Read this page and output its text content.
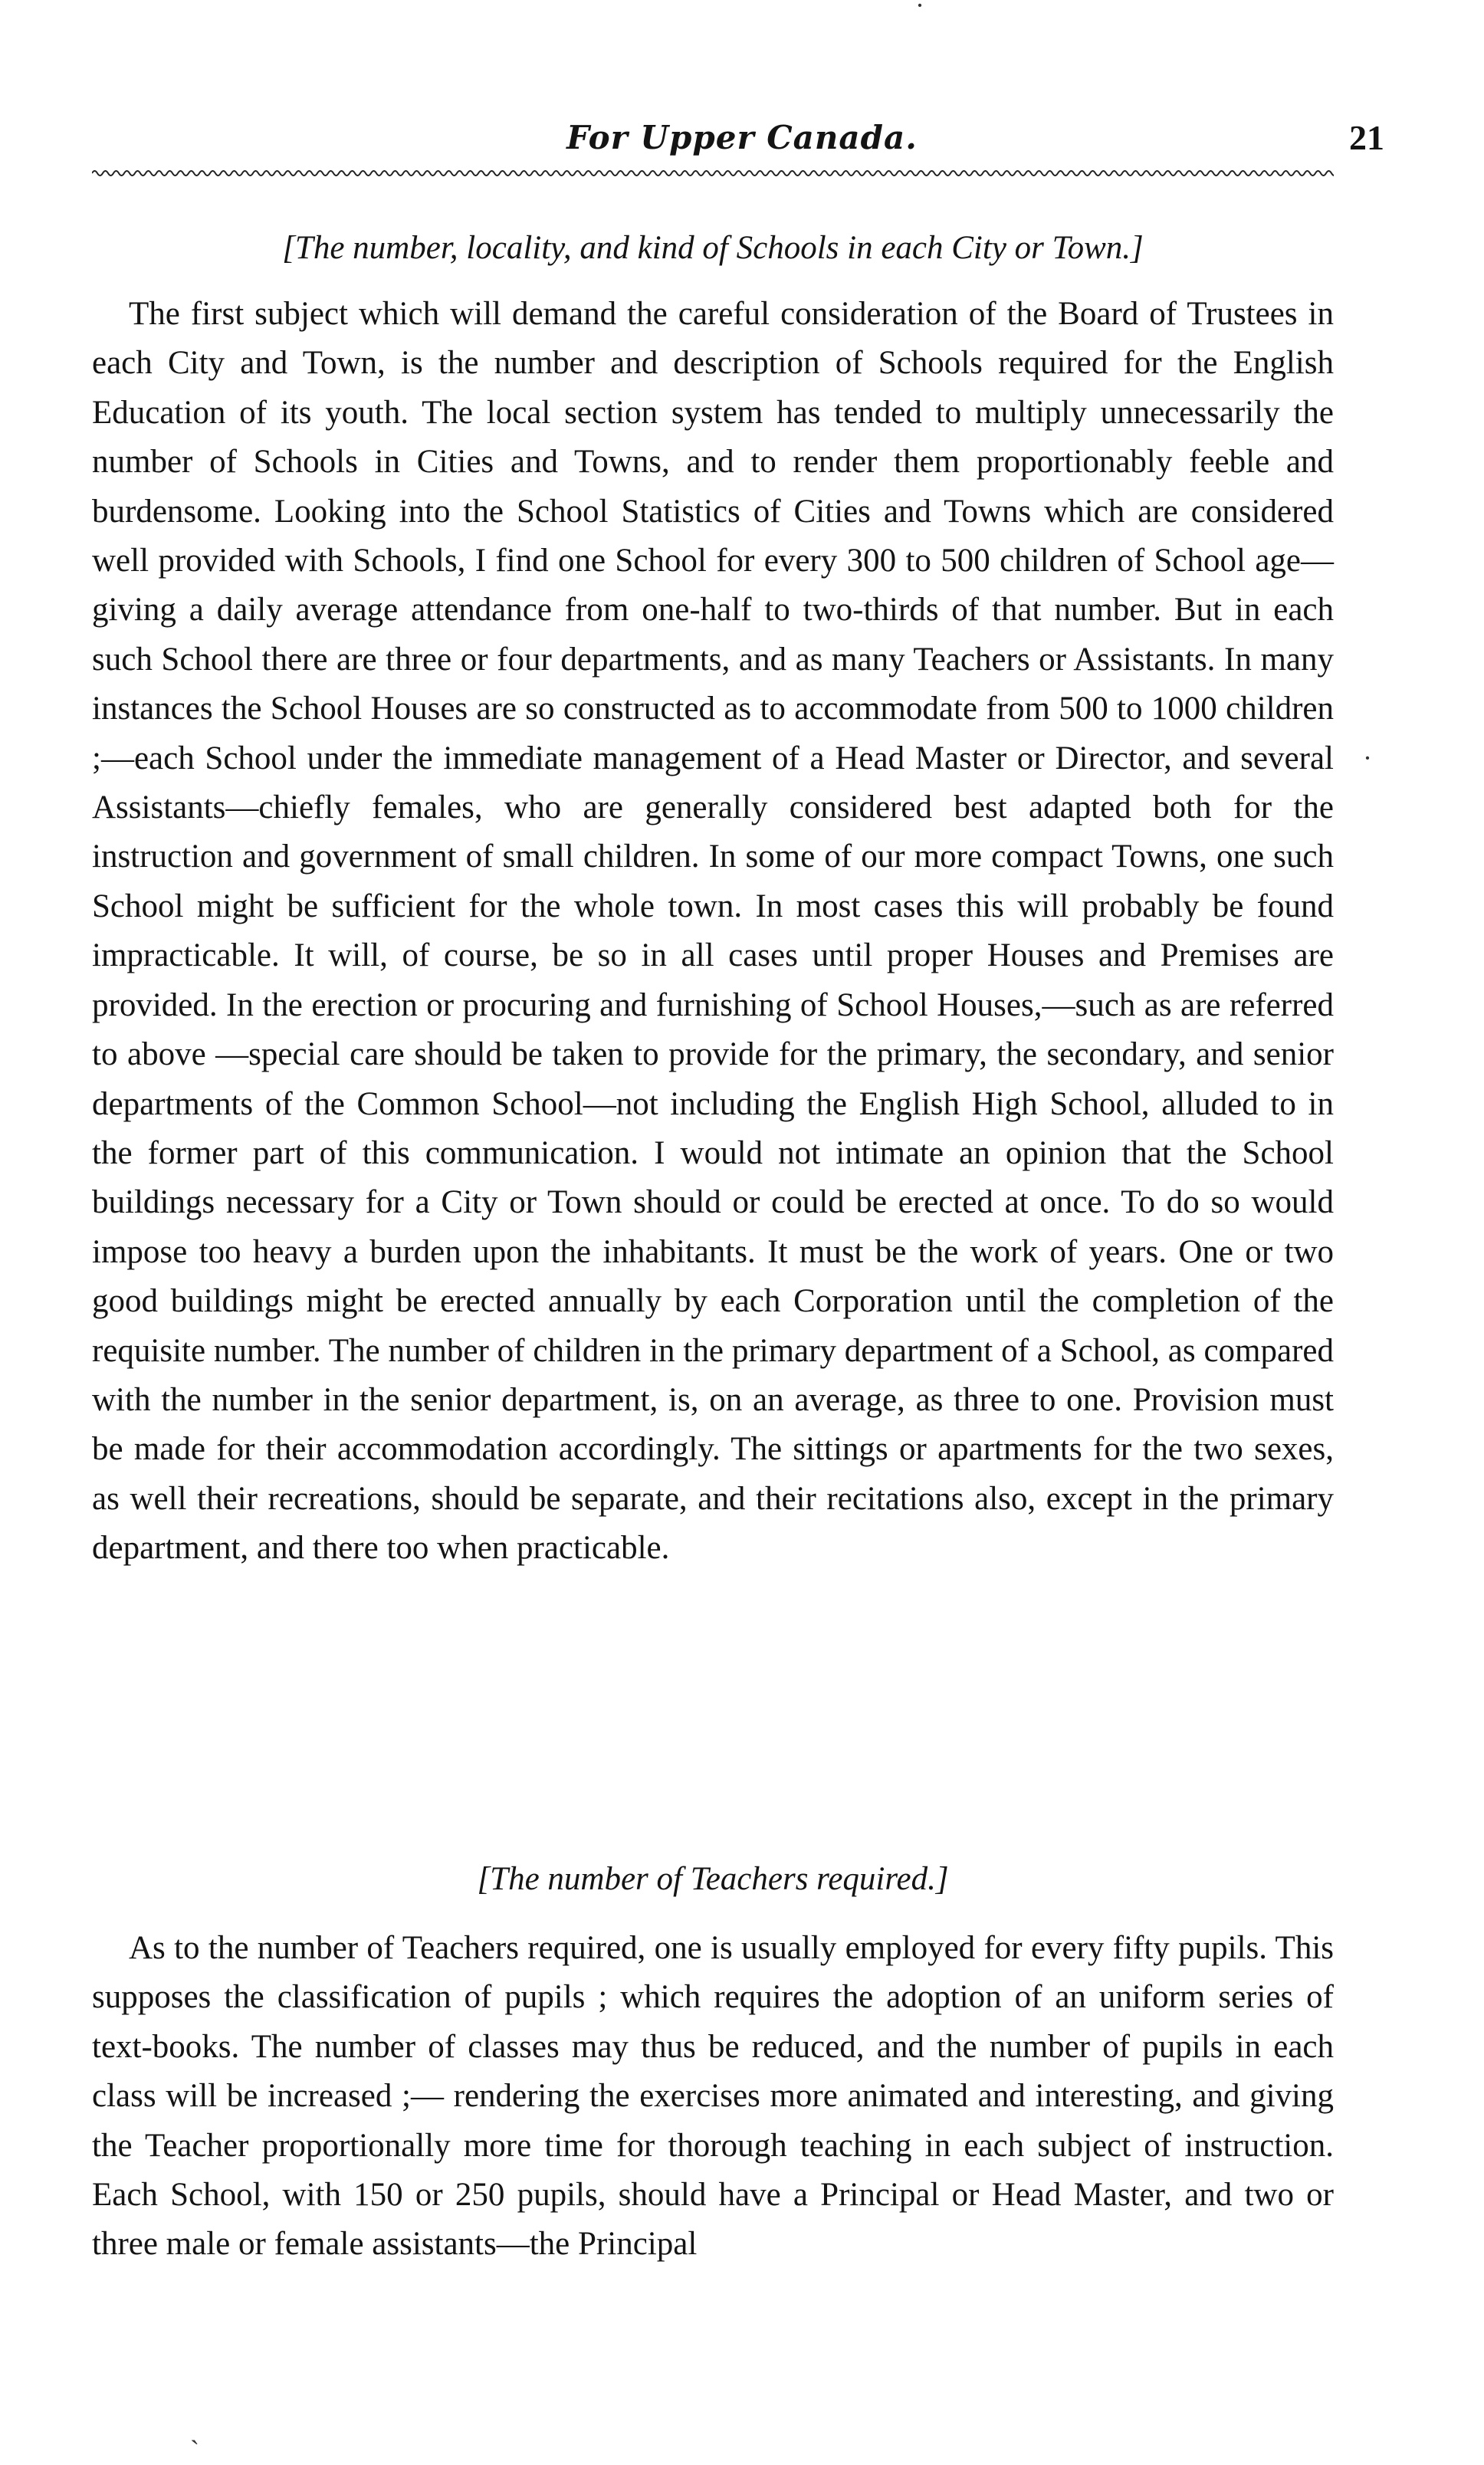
·
·
ˎ
For Upper Canada.	21
[The number, locality, and kind of Schools in each City or Town.]

The first subject which will demand the careful consideration of the Board of Trustees in each City and Town, is the number and description of Schools required for the English Education of its youth. The local section system has tended to multiply unnecessarily the number of Schools in Cities and Towns, and to render them proportionably feeble and burdensome. Looking into the School Statistics of Cities and Towns which are considered well provided with Schools, I find one School for every 300 to 500 children of School age—giving a daily average attendance from one-half to two-thirds of that number. But in each such School there are three or four departments, and as many Teachers or Assistants. In many instances the School Houses are so constructed as to accommodate from 500 to 1000 children ;—each School under the immediate management of a Head Master or Director, and several Assistants—chiefly females, who are generally considered best adapted both for the instruction and government of small children. In some of our more compact Towns, one such School might be sufficient for the whole town. In most cases this will probably be found impracticable. It will, of course, be so in all cases until proper Houses and Premises are provided. In the erection or procuring and furnishing of School Houses,—such as are referred to above —special care should be taken to provide for the primary, the secondary, and senior departments of the Common School—not including the English High School, alluded to in the former part of this communication. I would not intimate an opinion that the School buildings necessary for a City or Town should or could be erected at once. To do so would impose too heavy a burden upon the inhabitants. It must be the work of years. One or two good buildings might be erected annually by each Corporation until the completion of the requisite number. The number of children in the primary department of a School, as compared with the number in the senior department, is, on an average, as three to one. Provision must be made for their accommodation accordingly. The sittings or apartments for the two sexes, as well their recreations, should be separate, and their recitations also, except in the primary department, and there too when practicable.

[The number of Teachers required.]

As to the number of Teachers required, one is usually employed for every fifty pupils. This supposes the classification of pupils ; which requires the adoption of an uniform series of text-books. The number of classes may thus be reduced, and the number of pupils in each class will be increased ;— rendering the exercises more animated and interesting, and giving the Teacher proportionally more time for thorough teaching in each subject of instruction. Each School, with 150 or 250 pupils, should have a Principal or Head Master, and two or three male or female assistants—the Principal
